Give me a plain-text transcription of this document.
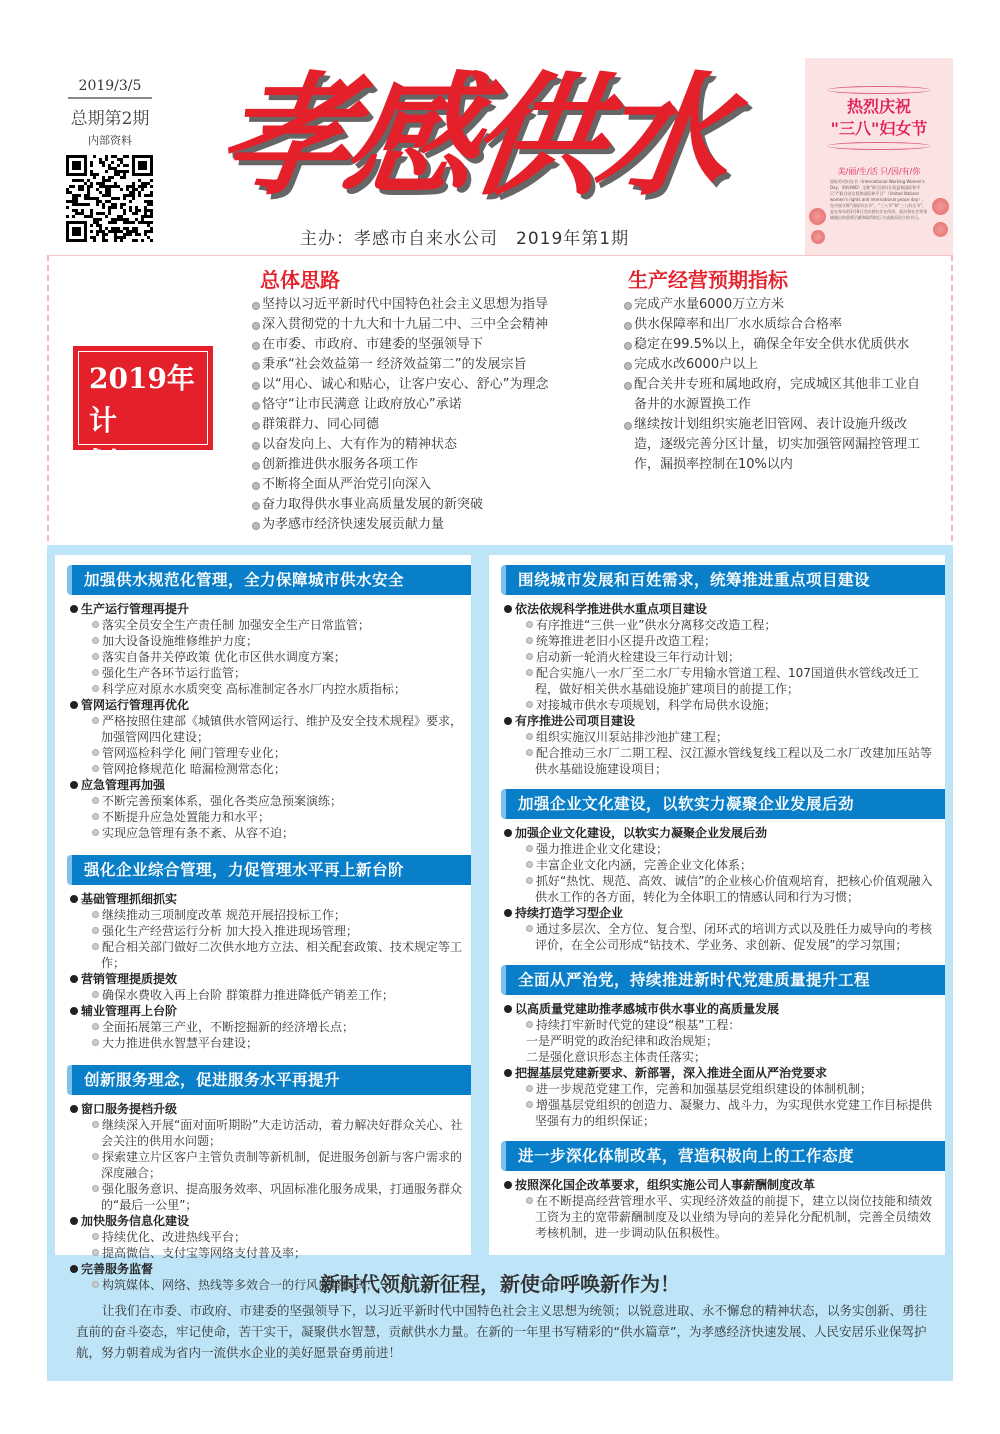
2019/3/5
总期第2期
内部资料 孝感供水
主办：孝感市自来水公司　2019年第1期
热烈庆祝
"三八"妇女节
美/丽/生/活 只/因/有/你
国际劳动妇女节（International Working Women's Day，简称IWD）全称“联合国妇女权益和国际和平日”/“联合国女权和国际和平日”（United Nations women's rights and international peace day），在中国又称“国际妇女节”、“三八节”和“三八妇女节”，是在每年的3月8日为庆祝妇女在经济、政治和社会等领域做出的重要贡献和取得的巨大成就而设立的节日。
2019年
计　　划
总体思路
坚持以习近平新时代中国特色社会主义思想为指导
深入贯彻党的十九大和十九届二中、三中全会精神
在市委、市政府、市建委的坚强领导下
秉承“社会效益第一 经济效益第二”的发展宗旨
以“用心、诚心和贴心，让客户安心、舒心”为理念
恪守“让市民满意 让政府放心”承诺
群策群力、同心同德
以奋发向上、大有作为的精神状态
创新推进供水服务各项工作
不断将全面从严治党引向深入
奋力取得供水事业高质量发展的新突破
为孝感市经济快速发展贡献力量
生产经营预期指标
完成产水量6000万立方米
供水保障率和出厂水水质综合合格率
稳定在99.5%以上，确保全年安全供水优质供水
完成水改6000户以上
配合关井专班和属地政府，完成城区其他非工业自备井的水源置换工作
继续按计划组织实施老旧管网、表计设施升级改造，逐级完善分区计量，切实加强管网漏控管理工作，漏损率控制在10%以内
加强供水规范化管理，全力保障城市供水安全
生产运行管理再提升
落实全员安全生产责任制 加强安全生产日常监管；
加大设备设施维修维护力度；
落实自备井关停政策 优化市区供水调度方案；
强化生产各环节运行监管；
科学应对原水水质突变 高标准制定各水厂内控水质指标；
管网运行管理再优化
严格按照住建部《城镇供水管网运行、维护及安全技术规程》要求，加强管网四化建设；
管网巡检科学化 闸门管理专业化；
管网抢修规范化 暗漏检测常态化；
应急管理再加强
不断完善预案体系，强化各类应急预案演练；
不断提升应急处置能力和水平；
实现应急管理有条不紊、从容不迫；
强化企业综合管理，力促管理水平再上新台阶
基础管理抓细抓实
继续推动三项制度改革 规范开展招投标工作；
强化生产经营运行分析 加大投入推进现场管理；
配合相关部门做好二次供水地方立法、相关配套政策、技术规定等工作；
营销管理提质提效
确保水费收入再上台阶 群策群力推进降低产销差工作；
辅业管理再上台阶
全面拓展第三产业，不断挖掘新的经济增长点；
大力推进供水智慧平台建设；
创新服务理念，促进服务水平再提升
窗口服务提档升级
继续深入开展“面对面听期盼”大走访活动，着力解决好群众关心、社会关注的供用水问题；
探索建立片区客户主管负责制等新机制，促进服务创新与客户需求的深度融合；
强化服务意识、提高服务效率、巩固标准化服务成果，打通服务群众的“最后一公里”；
加快服务信息化建设
持续优化、改进热线平台；
提高微信、支付宝等网络支付普及率；
完善服务监督
构筑媒体、网络、热线等多效合一的行风监督模式；
围绕城市发展和百姓需求，统筹推进重点项目建设
依法依规科学推进供水重点项目建设
有序推进“三供一业”供水分离移交改造工程；
统筹推进老旧小区提升改造工程；
启动新一轮消火栓建设三年行动计划；
配合实施八一水厂至二水厂专用输水管道工程、107国道供水管线改迁工程，做好相关供水基础设施扩建项目的前提工作；
对接城市供水专项规划，科学布局供水设施；
有序推进公司项目建设
组织实施汉川泵站排沙池扩建工程；
配合推动三水厂二期工程、汉江源水管线复线工程以及二水厂改建加压站等供水基础设施建设项目；
加强企业文化建设，以软实力凝聚企业发展后劲
加强企业文化建设，以软实力凝聚企业发展后劲
强力推进企业文化建设；
丰富企业文化内涵，完善企业文化体系；
抓好“热忱、规范、高效、诚信”的企业核心价值观培育，把核心价值观融入供水工作的各方面，转化为全体职工的情感认同和行为习惯；
持续打造学习型企业
通过多层次、全方位、复合型、闭环式的培训方式以及胜任力威导向的考核评价，在全公司形成“钻技术、学业务、求创新、促发展”的学习氛围；
全面从严治党，持续推进新时代党建质量提升工程
以高质量党建助推孝感城市供水事业的高质量发展
持续打牢新时代党的建设“根基”工程：
一是严明党的政治纪律和政治规矩；
二是强化意识形态主体责任落实；
把握基层党建新要求、新部署，深入推进全面从严治党要求
进一步规范党建工作，完善和加强基层党组织建设的体制机制；
增强基层党组织的创造力、凝聚力、战斗力，为实现供水党建工作目标提供坚强有力的组织保证；
进一步深化体制改革，营造积极向上的工作态度
按照深化国企改革要求，组织实施公司人事薪酬制度改革
在不断提高经营管理水平、实现经济效益的前提下，建立以岗位技能和绩效工资为主的宽带薪酬制度及以业绩为导向的差异化分配机制，完善全员绩效考核机制，进一步调动队伍积极性。
新时代领航新征程，新使命呼唤新作为！
让我们在市委、市政府、市建委的坚强领导下，以习近平新时代中国特色社会主义思想为统领；以锐意进取、永不懈怠的精神状态，以务实创新、勇往直前的奋斗姿态，牢记使命，苦干实干，凝聚供水智慧，贡献供水力量。在新的一年里书写精彩的“供水篇章”，为孝感经济快速发展、人民安居乐业保驾护航，努力朝着成为省内一流供水企业的美好愿景奋勇前进！
